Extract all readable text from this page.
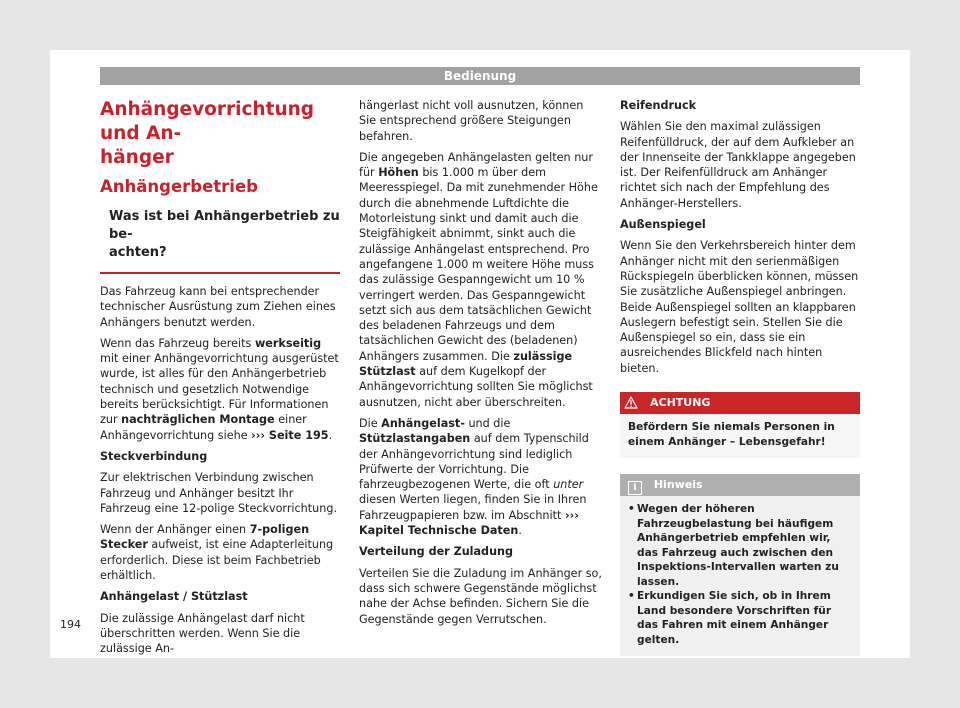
Bedienung
Anhängevorrichtung und An-
hänger
Anhängerbetrieb
Was ist bei Anhängerbetrieb zu be-
achten?

Das Fahrzeug kann bei entsprechender technischer Ausrüstung zum Ziehen eines Anhängers benutzt werden.

Wenn das Fahrzeug bereits werkseitig mit einer Anhängevorrichtung ausgerüstet wurde, ist alles für den Anhängerbetrieb technisch und gesetzlich Notwendige bereits berücksichtigt. Für Informationen zur nachträglichen Montage einer Anhängevorrichtung siehe ››› Seite 195.

Steckverbindung

Zur elektrischen Verbindung zwischen Fahrzeug und Anhänger besitzt Ihr Fahrzeug eine 12-polige Steckvorrichtung.

Wenn der Anhänger einen 7-poligen Stecker aufweist, ist eine Adapterleitung erforderlich. Diese ist beim Fachbetrieb erhältlich.

Anhängelast / Stützlast

Die zulässige Anhängelast darf nicht überschritten werden. Wenn Sie die zulässige An-

hängerlast nicht voll ausnutzen, können Sie entsprechend größere Steigungen befahren.

Die angegeben Anhängelasten gelten nur für Höhen bis 1.000 m über dem Meeresspiegel. Da mit zunehmender Höhe durch die abnehmende Luftdichte die Motorleistung sinkt und damit auch die Steigfähigkeit abnimmt, sinkt auch die zulässige Anhängelast entsprechend. Pro angefangene 1.000 m weitere Höhe muss das zulässige Gespanngewicht um 10 % verringert werden. Das Gespanngewicht setzt sich aus dem tatsächlichen Gewicht des beladenen Fahrzeugs und dem tatsächlichen Gewicht des (beladenen) Anhängers zusammen. Die zulässige Stützlast auf dem Kugelkopf der Anhängevorrichtung sollten Sie möglichst ausnutzen, nicht aber überschreiten.

Die Anhängelast- und die Stützlastangaben auf dem Typenschild der Anhängevorrichtung sind lediglich Prüfwerte der Vorrichtung. Die fahrzeugbezogenen Werte, die oft unter diesen Werten liegen, finden Sie in Ihren Fahrzeugpapieren bzw. im Abschnitt ››› Kapitel Technische Daten.

Verteilung der Zuladung

Verteilen Sie die Zuladung im Anhänger so, dass sich schwere Gegenstände möglichst nahe der Achse befinden. Sichern Sie die Gegenstände gegen Verrutschen.

Reifendruck

Wählen Sie den maximal zulässigen Reifenfülldruck, der auf dem Aufkleber an der Innenseite der Tankklappe angegeben ist. Der Reifenfülldruck am Anhänger richtet sich nach der Empfehlung des Anhänger-Herstellers.

Außenspiegel

Wenn Sie den Verkehrsbereich hinter dem Anhänger nicht mit den serienmäßigen Rückspiegeln überblicken können, müssen Sie zusätzliche Außenspiegel anbringen. Beide Außenspiegel sollten an klappbaren Auslegern befestigt sein. Stellen Sie die Außenspiegel so ein, dass sie ein ausreichendes Blickfeld nach hinten bieten.

ACHTUNG
Befördern Sie niemals Personen in einem Anhänger – Lebensgefahr!
i Hinweis

• Wegen der höheren Fahrzeugbelastung bei häufigem Anhängerbetrieb empfehlen wir, das Fahrzeug auch zwischen den Inspektions-Intervallen warten zu lassen.

• Erkundigen Sie sich, ob in Ihrem Land besondere Vorschriften für das Fahren mit einem Anhänger gelten.

194
